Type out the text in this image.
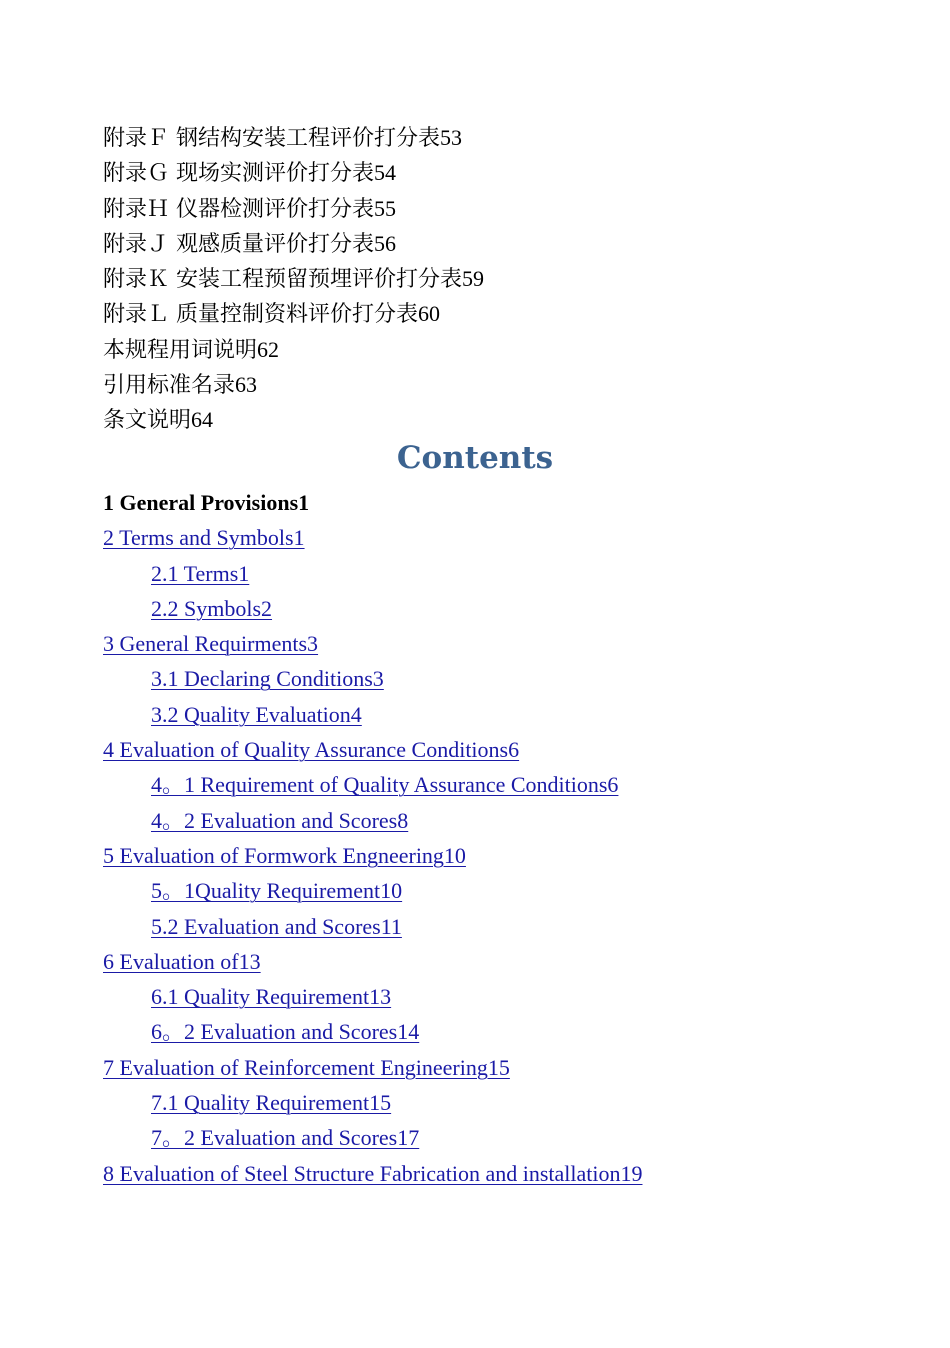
附录Ｆ 钢结构安装工程评价打分表53
附录Ｇ 现场实测评价打分表54
附录Ｈ 仪器检测评价打分表55
附录Ｊ 观感质量评价打分表56
附录Ｋ 安装工程预留预埋评价打分表59
附录Ｌ 质量控制资料评价打分表60
本规程用词说明62
引用标准名录63
条文说明64
Contents
1 General Provisions1
2 Terms and Symbols1
2.1 Terms1
2.2 Symbols2
3 General Requirments3
3.1 Declaring Conditions3
3.2 Quality Evaluation4
4 Evaluation of Quality Assurance Conditions6
4。1 Requirement of Quality Assurance Conditions6
4。2 Evaluation and Scores8
5 Evaluation of Formwork Engneering10
5。1Quality Requirement10
5.2 Evaluation and Scores11
6 Evaluation of13
6.1 Quality Requirement13
6。2 Evaluation and Scores14
7 Evaluation of Reinforcement Engineering15
7.1 Quality Requirement15
7。2 Evaluation and Scores17
8 Evaluation of Steel Structure Fabrication and installation19
